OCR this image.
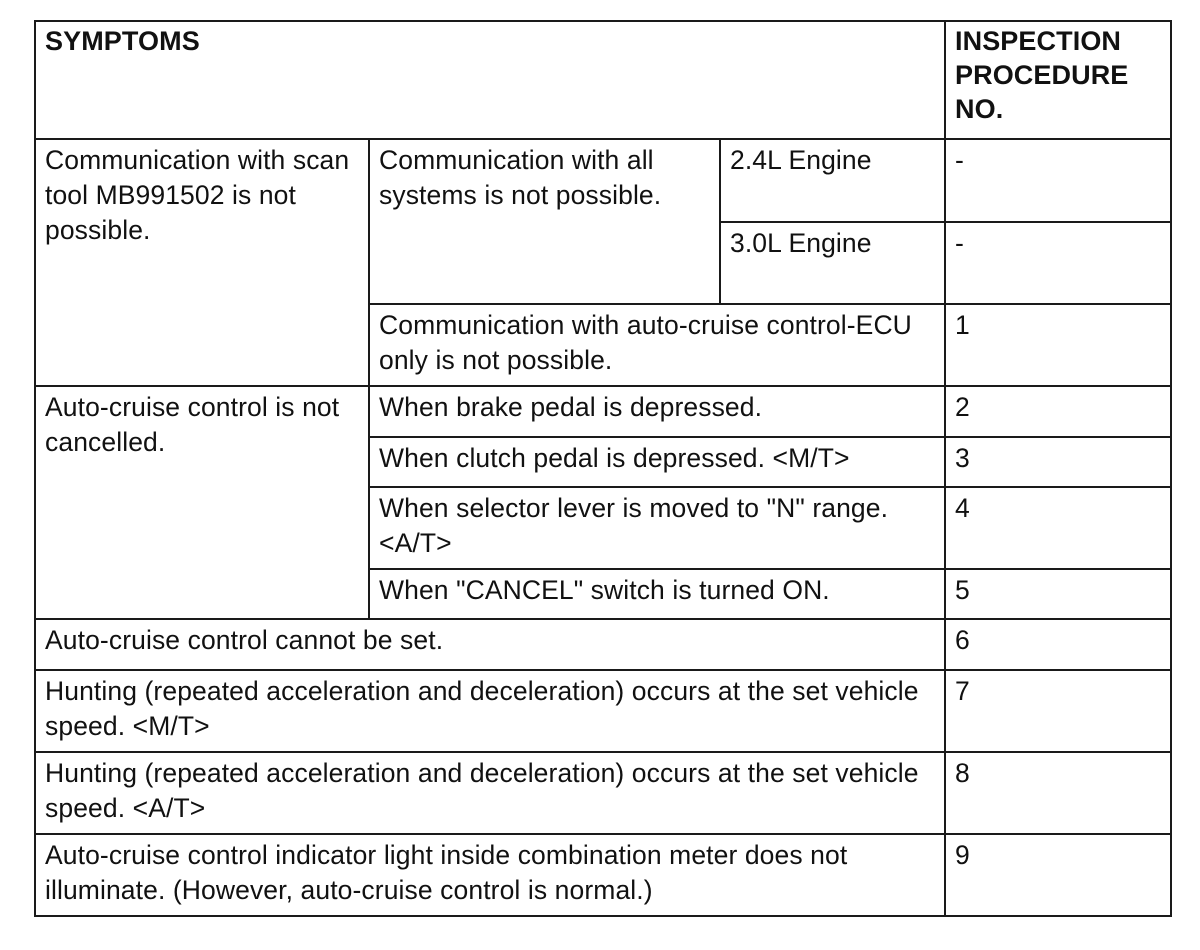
SYMPTOMS			INSPECTION PROCEDURE NO.
Communication with scan tool MB991502 is not possible.	Communication with all systems is not possible.	2.4L Engine	-
		3.0L Engine	-
	Communication with auto-cruise control-ECU only is not possible.		1
Auto-cruise control is not cancelled.	When brake pedal is depressed.		2
	When clutch pedal is depressed. <M/T>		3
	When selector lever is moved to "N" range. <A/T>		4
	When "CANCEL" switch is turned ON.		5
Auto-cruise control cannot be set.			6
Hunting (repeated acceleration and deceleration) occurs at the set vehicle speed. <M/T>			7
Hunting (repeated acceleration and deceleration) occurs at the set vehicle speed. <A/T>			8
Auto-cruise control indicator light inside combination meter does not illuminate. (However, auto-cruise control is normal.)			9
